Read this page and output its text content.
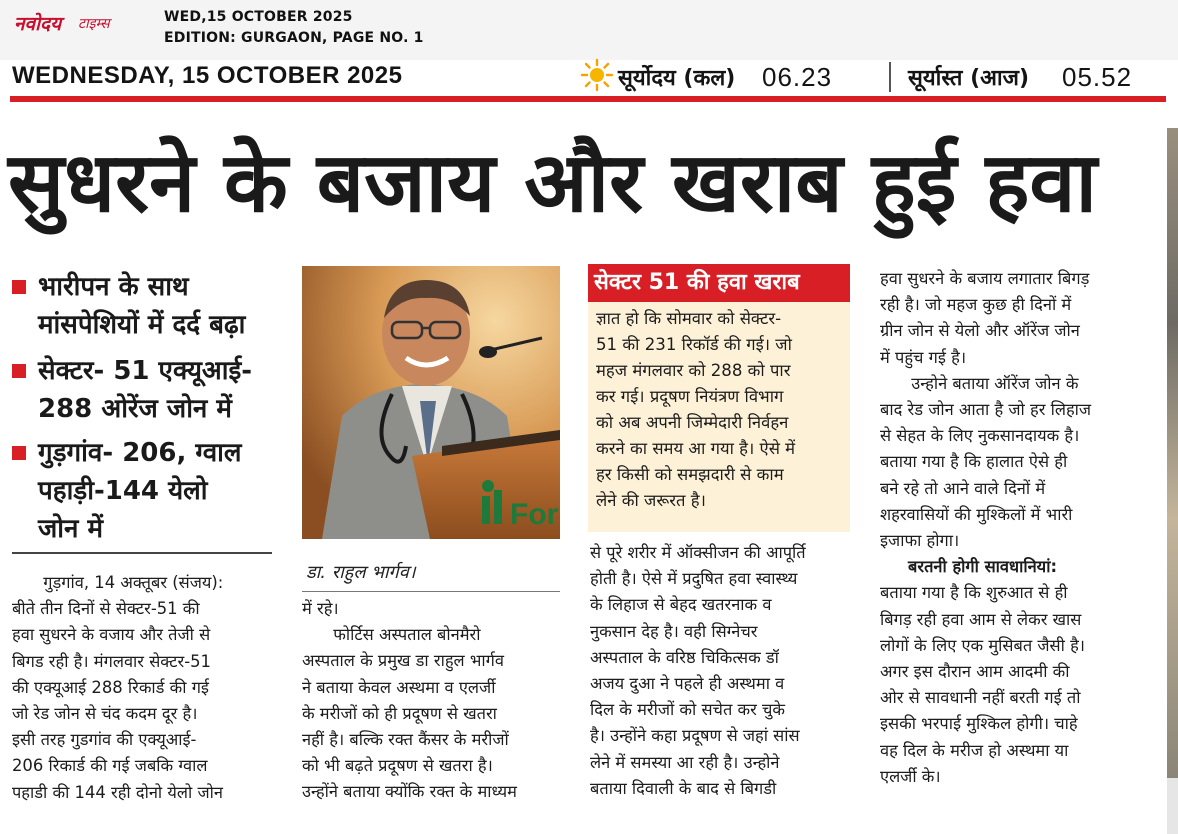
नवोदय टाइम्स	WED,15 OCTOBER 2025
EDITION: GURGAON, PAGE NO. 1
WEDNESDAY, 15 OCTOBER 2025	सूर्योदय (कल) 06.23	सूर्यास्त (आज) 05.52
सुधरने के बजाय और खराब हुई हवा
भारीपन के साथ
मांसपेशियों में दर्द बढ़ा
सेक्टर- 51 एक्यूआई-
288 ओरेंज जोन में
गुड़गांव- 206, ग्वाल
पहाड़ी-144 येलो
जोन में
गुड़गांव, 14 अक्तूबर (संजय):
बीते तीन दिनों से सेक्टर-51 की
हवा सुधरने के वजाय और तेजी से
बिगड रही है। मंगलवार सेक्टर-51
की एक्यूआई 288 रिकार्ड की गई
जो रेड जोन से चंद कदम दूर है।
इसी तरह गुडगांव की एक्यूआई-
206 रिकार्ड की गई जबकि ग्वाल
पहाडी की 144 रही दोनो येलो जोन
For
डा. राहुल भार्गव।
में रहे।
फोर्टिस अस्पताल बोनमैरो
अस्पताल के प्रमुख डा राहुल भार्गव
ने बताया केवल अस्थमा व एलर्जी
के मरीजों को ही प्रदूषण से खतरा
नहीं है। बल्कि रक्त कैंसर के मरीजों
को भी बढ़ते प्रदूषण से खतरा है।
उन्होंने बताया क्योंकि रक्त के माध्यम
सेक्टर 51 की हवा खराब
ज्ञात हो कि सोमवार को सेक्टर-
51 की 231 रिकॉर्ड की गई। जो
महज मंगलवार को 288 को पार
कर गई। प्रदूषण नियंत्रण विभाग
को अब अपनी जिम्मेदारी निर्वहन
करने का समय आ गया है। ऐसे में
हर किसी को समझदारी से काम
लेने की जरूरत है।
से पूरे शरीर में ऑक्सीजन की आपूर्ति
होती है। ऐसे में प्रदुषित हवा स्वास्थ्य
के लिहाज से बेहद खतरनाक व
नुकसान देह है। वही सिग्नेचर
अस्पताल के वरिष्ठ चिकित्सक डॉ
अजय दुआ ने पहले ही अस्थमा व
दिल के मरीजों को सचेत कर चुके
है। उन्होंने कहा प्रदूषण से जहां सांस
लेने में समस्या आ रही है। उन्होने
बताया दिवाली के बाद से बिगडी
हवा सुधरने के बजाय लगातार बिगड़
रही है। जो महज कुछ ही दिनों में
ग्रीन जोन से येलो और ऑरेंज जोन
में पहुंच गई है।
उन्होने बताया ऑरेंज जोन के
बाद रेड जोन आता है जो हर लिहाज
से सेहत के लिए नुकसानदायक है।
बताया गया है कि हालात ऐसे ही
बने रहे तो आने वाले दिनों में
शहरवासियों की मुश्किलों में भारी
इजाफा होगा।
बरतनी होगी सावधानियां:
बताया गया है कि शुरुआत से ही
बिगड़ रही हवा आम से लेकर खास
लोगों के लिए एक मुसिबत जैसी है।
अगर इस दौरान आम आदमी की
ओर से सावधानी नहीं बरती गई तो
इसकी भरपाई मुश्किल होगी। चाहे
वह दिल के मरीज हो अस्थमा या
एलर्जी के।
